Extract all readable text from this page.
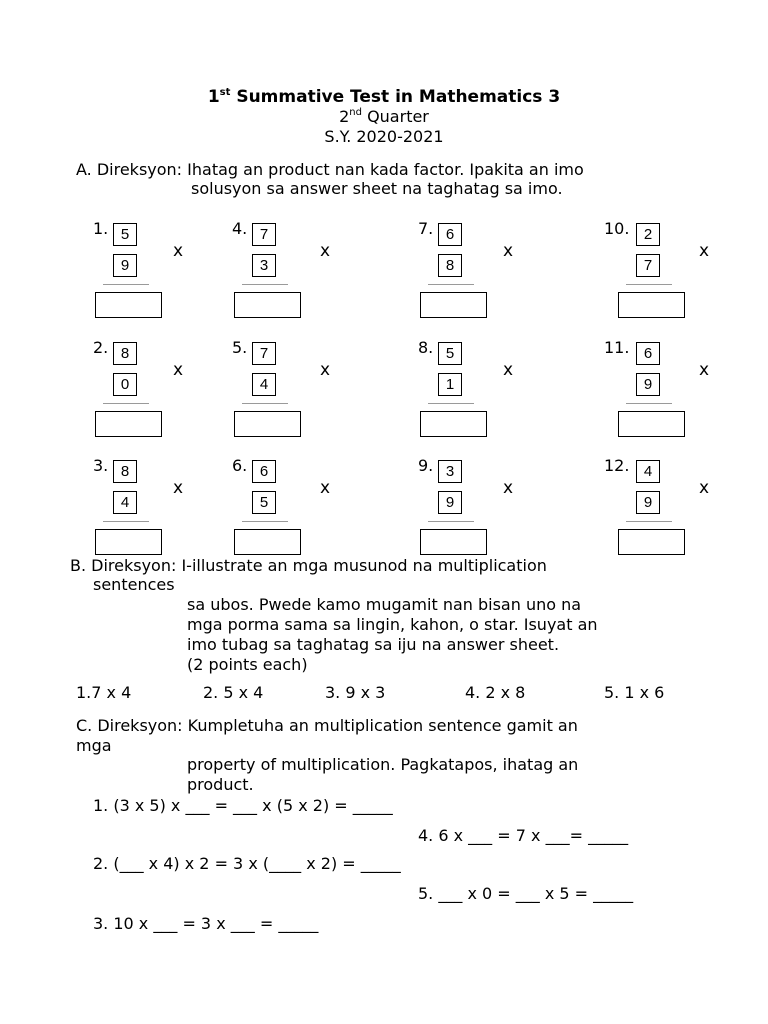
1st Summative Test in Mathematics 3
2nd Quarter
S.Y. 2020-2021
A. Direksyon: Ihatag an product nan kada factor. Ipakita an imo
solusyon sa answer sheet na taghatag sa imo.
1. 5
9
x
2. 8
0
x
3. 8
4
x
4. 7
3
x
5. 7
4
x
6. 6
5
x
7. 6
8
x
8. 5
1
x
9. 3
9
x
10. 2
7
x
11. 6
9
x
12. 4
9
x
B. Direksyon: I-illustrate an mga musunod na multiplication
sentences
sa ubos. Pwede kamo mugamit nan bisan uno na
mga porma sama sa lingin, kahon, o star. Isuyat an
imo tubag sa taghatag sa iju na answer sheet.
(2 points each)
1.7 x 4	2. 5 x 4	3. 9 x 3	4. 2 x 8	5. 1 x 6
C. Direksyon: Kumpletuha an multiplication sentence gamit an
mga
property of multiplication. Pagkatapos, ihatag an
product.
1. (3 x 5) x ___ = ___ x (5 x 2) = _____
4. 6 x ___ = 7 x ___= _____
2. (___ x 4) x 2 = 3 x (____ x 2) = _____
5. ___ x 0 = ___ x 5 = _____
3. 10 x ___ = 3 x ___ = _____
